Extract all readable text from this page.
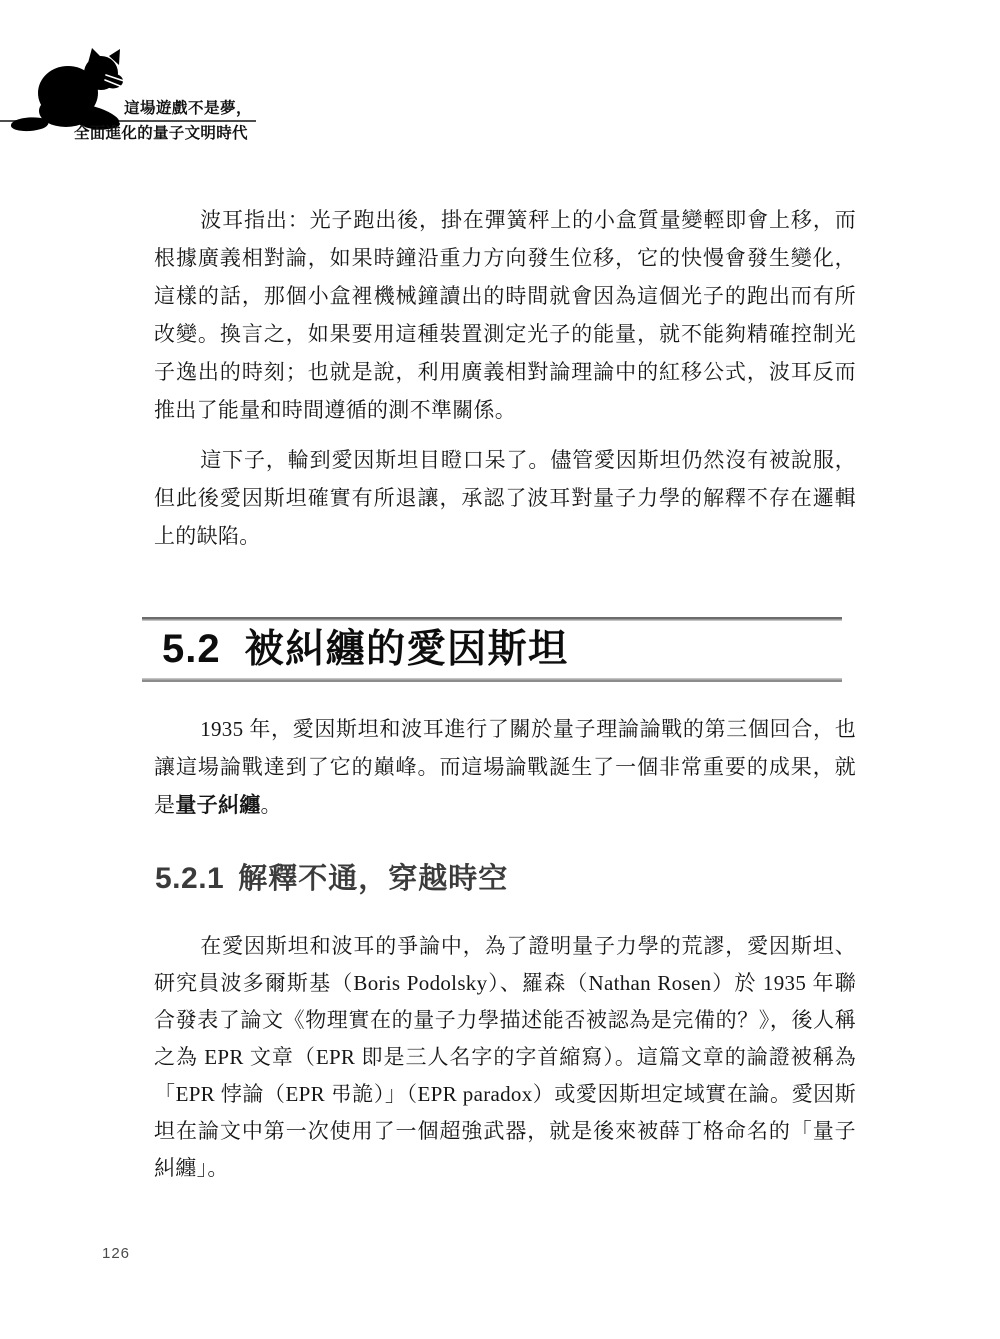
這場遊戲不是夢，
全面進化的量子文明時代

波耳指出：光子跑出後，掛在彈簧秤上的小盒質量變輕即會上移，而根據廣義相對論，如果時鐘沿重力方向發生位移，它的快慢會發生變化，這樣的話，那個小盒裡機械鐘讀出的時間就會因為這個光子的跑出而有所改變。換言之，如果要用這種裝置測定光子的能量，就不能夠精確控制光子逸出的時刻；也就是說，利用廣義相對論理論中的紅移公式，波耳反而推出了能量和時間遵循的測不準關係。

這下子，輪到愛因斯坦目瞪口呆了。儘管愛因斯坦仍然沒有被說服，但此後愛因斯坦確實有所退讓，承認了波耳對量子力學的解釋不存在邏輯上的缺陷。

5.2 被糾纏的愛因斯坦

1935 年，愛因斯坦和波耳進行了關於量子理論論戰的第三個回合，也讓這場論戰達到了它的巔峰。而這場論戰誕生了一個非常重要的成果，就是量子糾纏。

5.2.1 解釋不通，穿越時空

在愛因斯坦和波耳的爭論中，為了證明量子力學的荒謬，愛因斯坦、研究員波多爾斯基（Boris Podolsky）、羅森（Nathan Rosen）於 1935 年聯合發表了論文《物理實在的量子力學描述能否被認為是完備的？》，後人稱之為 EPR 文章（EPR 即是三人名字的字首縮寫）。這篇文章的論證被稱為「EPR 悖論（EPR 弔詭）」（EPR paradox）或愛因斯坦定域實在論。愛因斯坦在論文中第一次使用了一個超強武器，就是後來被薛丁格命名的「量子糾纏」。

126
